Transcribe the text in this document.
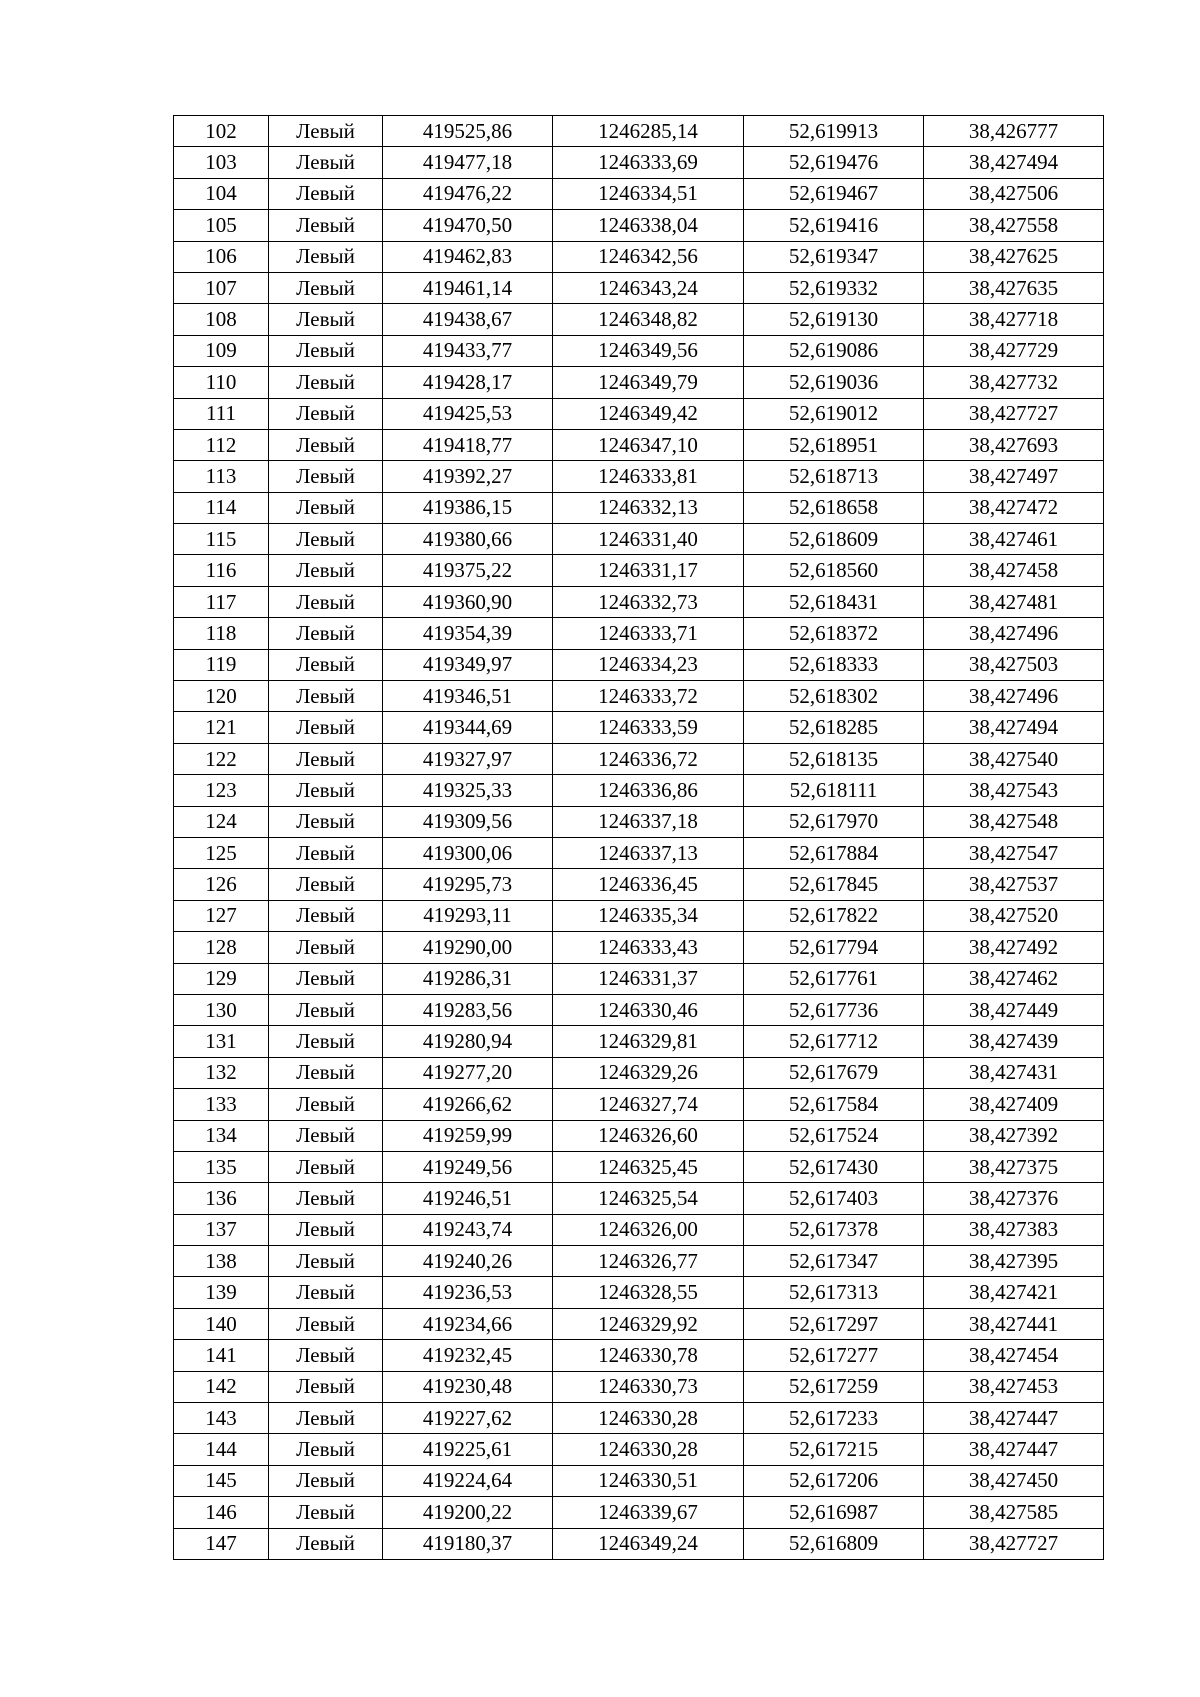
102	Левый	419525,86	1246285,14	52,619913	38,426777
103	Левый	419477,18	1246333,69	52,619476	38,427494
104	Левый	419476,22	1246334,51	52,619467	38,427506
105	Левый	419470,50	1246338,04	52,619416	38,427558
106	Левый	419462,83	1246342,56	52,619347	38,427625
107	Левый	419461,14	1246343,24	52,619332	38,427635
108	Левый	419438,67	1246348,82	52,619130	38,427718
109	Левый	419433,77	1246349,56	52,619086	38,427729
110	Левый	419428,17	1246349,79	52,619036	38,427732
111	Левый	419425,53	1246349,42	52,619012	38,427727
112	Левый	419418,77	1246347,10	52,618951	38,427693
113	Левый	419392,27	1246333,81	52,618713	38,427497
114	Левый	419386,15	1246332,13	52,618658	38,427472
115	Левый	419380,66	1246331,40	52,618609	38,427461
116	Левый	419375,22	1246331,17	52,618560	38,427458
117	Левый	419360,90	1246332,73	52,618431	38,427481
118	Левый	419354,39	1246333,71	52,618372	38,427496
119	Левый	419349,97	1246334,23	52,618333	38,427503
120	Левый	419346,51	1246333,72	52,618302	38,427496
121	Левый	419344,69	1246333,59	52,618285	38,427494
122	Левый	419327,97	1246336,72	52,618135	38,427540
123	Левый	419325,33	1246336,86	52,618111	38,427543
124	Левый	419309,56	1246337,18	52,617970	38,427548
125	Левый	419300,06	1246337,13	52,617884	38,427547
126	Левый	419295,73	1246336,45	52,617845	38,427537
127	Левый	419293,11	1246335,34	52,617822	38,427520
128	Левый	419290,00	1246333,43	52,617794	38,427492
129	Левый	419286,31	1246331,37	52,617761	38,427462
130	Левый	419283,56	1246330,46	52,617736	38,427449
131	Левый	419280,94	1246329,81	52,617712	38,427439
132	Левый	419277,20	1246329,26	52,617679	38,427431
133	Левый	419266,62	1246327,74	52,617584	38,427409
134	Левый	419259,99	1246326,60	52,617524	38,427392
135	Левый	419249,56	1246325,45	52,617430	38,427375
136	Левый	419246,51	1246325,54	52,617403	38,427376
137	Левый	419243,74	1246326,00	52,617378	38,427383
138	Левый	419240,26	1246326,77	52,617347	38,427395
139	Левый	419236,53	1246328,55	52,617313	38,427421
140	Левый	419234,66	1246329,92	52,617297	38,427441
141	Левый	419232,45	1246330,78	52,617277	38,427454
142	Левый	419230,48	1246330,73	52,617259	38,427453
143	Левый	419227,62	1246330,28	52,617233	38,427447
144	Левый	419225,61	1246330,28	52,617215	38,427447
145	Левый	419224,64	1246330,51	52,617206	38,427450
146	Левый	419200,22	1246339,67	52,616987	38,427585
147	Левый	419180,37	1246349,24	52,616809	38,427727
